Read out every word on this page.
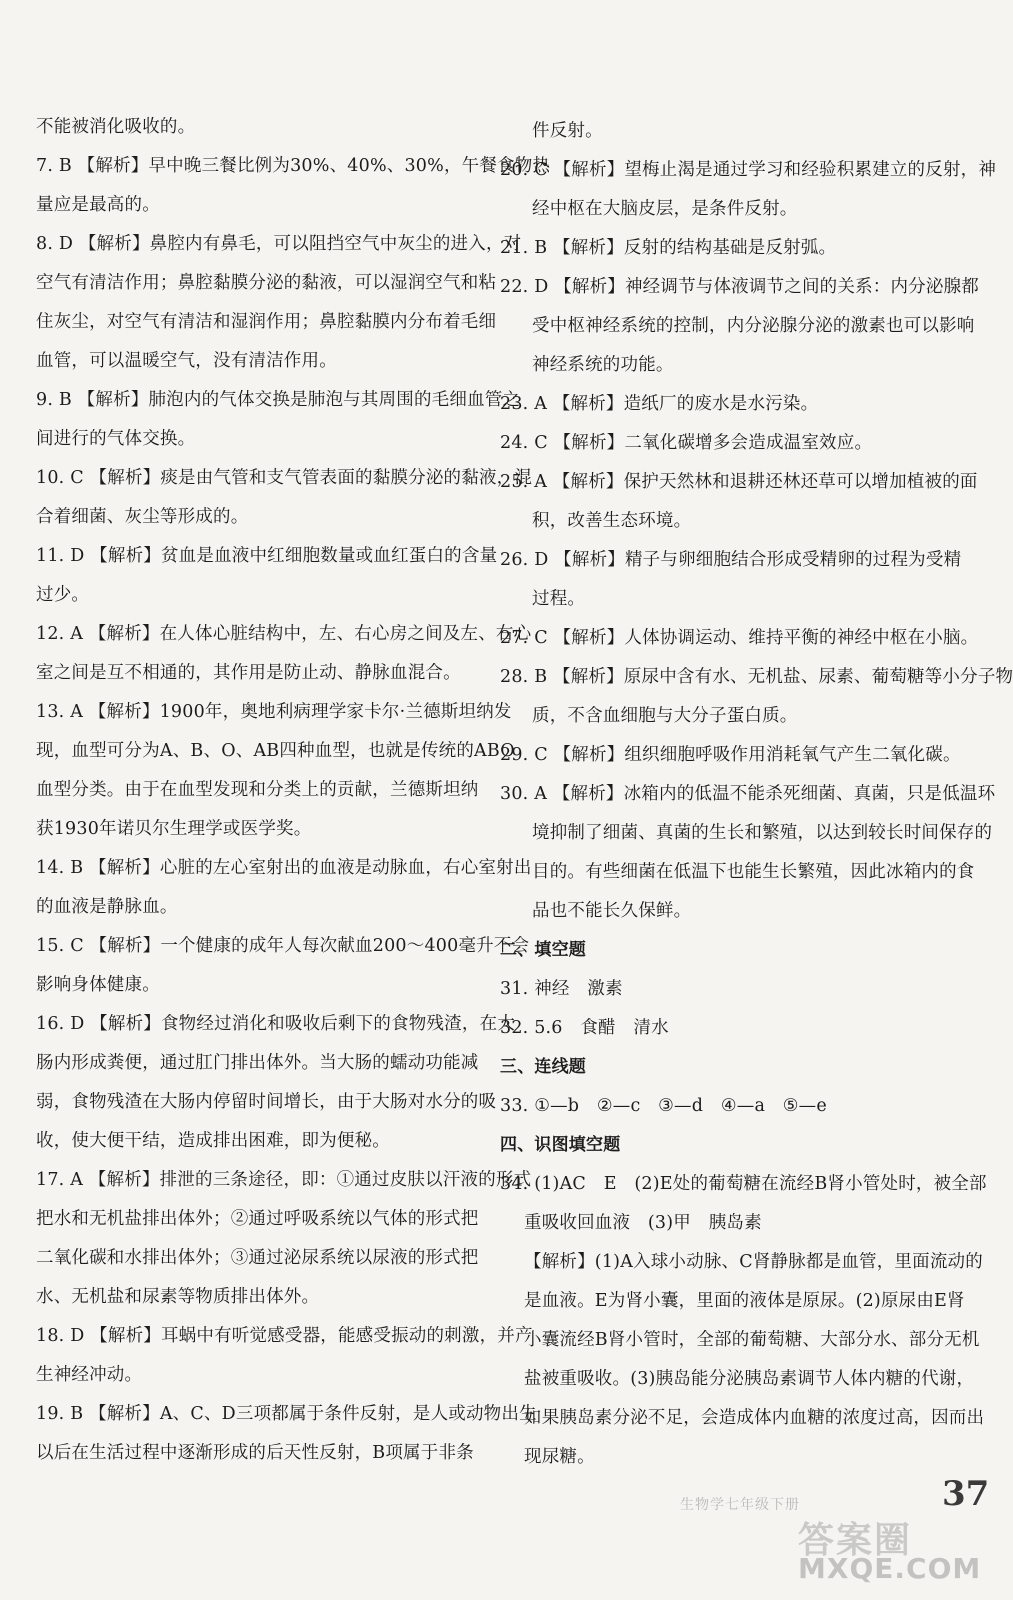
不能被消化吸收的。
7. B 【解析】早中晚三餐比例为30%、40%、30%，午餐食物热
量应是最高的。
8. D 【解析】鼻腔内有鼻毛，可以阻挡空气中灰尘的进入，对
空气有清洁作用；鼻腔黏膜分泌的黏液，可以湿润空气和粘
住灰尘，对空气有清洁和湿润作用；鼻腔黏膜内分布着毛细
血管，可以温暖空气，没有清洁作用。
9. B 【解析】肺泡内的气体交换是肺泡与其周围的毛细血管之
间进行的气体交换。
10. C 【解析】痰是由气管和支气管表面的黏膜分泌的黏液，混
合着细菌、灰尘等形成的。
11. D 【解析】贫血是血液中红细胞数量或血红蛋白的含量
过少。
12. A 【解析】在人体心脏结构中，左、右心房之间及左、右心
室之间是互不相通的，其作用是防止动、静脉血混合。
13. A 【解析】1900年，奥地利病理学家卡尔·兰德斯坦纳发
现，血型可分为A、B、O、AB四种血型，也就是传统的ABO
血型分类。由于在血型发现和分类上的贡献，兰德斯坦纳
获1930年诺贝尔生理学或医学奖。
14. B 【解析】心脏的左心室射出的血液是动脉血，右心室射出
的血液是静脉血。
15. C 【解析】一个健康的成年人每次献血200～400毫升不会
影响身体健康。
16. D 【解析】食物经过消化和吸收后剩下的食物残渣，在大
肠内形成粪便，通过肛门排出体外。当大肠的蠕动功能减
弱，食物残渣在大肠内停留时间增长，由于大肠对水分的吸
收，使大便干结，造成排出困难，即为便秘。
17. A 【解析】排泄的三条途径，即：①通过皮肤以汗液的形式
把水和无机盐排出体外；②通过呼吸系统以气体的形式把
二氧化碳和水排出体外；③通过泌尿系统以尿液的形式把
水、无机盐和尿素等物质排出体外。
18. D 【解析】耳蜗中有听觉感受器，能感受振动的刺激，并产
生神经冲动。
19. B 【解析】A、C、D三项都属于条件反射，是人或动物出生
以后在生活过程中逐渐形成的后天性反射，B项属于非条
件反射。
20. C 【解析】望梅止渴是通过学习和经验积累建立的反射，神
经中枢在大脑皮层，是条件反射。
21. B 【解析】反射的结构基础是反射弧。
22. D 【解析】神经调节与体液调节之间的关系：内分泌腺都
受中枢神经系统的控制，内分泌腺分泌的激素也可以影响
神经系统的功能。
23. A 【解析】造纸厂的废水是水污染。
24. C 【解析】二氧化碳增多会造成温室效应。
25. A 【解析】保护天然林和退耕还林还草可以增加植被的面
积，改善生态环境。
26. D 【解析】精子与卵细胞结合形成受精卵的过程为受精
过程。
27. C 【解析】人体协调运动、维持平衡的神经中枢在小脑。
28. B 【解析】原尿中含有水、无机盐、尿素、葡萄糖等小分子物
质，不含血细胞与大分子蛋白质。
29. C 【解析】组织细胞呼吸作用消耗氧气产生二氧化碳。
30. A 【解析】冰箱内的低温不能杀死细菌、真菌，只是低温环
境抑制了细菌、真菌的生长和繁殖，以达到较长时间保存的
目的。有些细菌在低温下也能生长繁殖，因此冰箱内的食
品也不能长久保鲜。
二、填空题
31. 神经　激素
32. 5.6　食醋　清水
三、连线题
33. ①—b　②—c　③—d　④—a　⑤—e
四、识图填空题
34. (1)AC　E　(2)E处的葡萄糖在流经B肾小管处时，被全部
重吸收回血液　(3)甲　胰岛素
【解析】(1)A入球小动脉、C肾静脉都是血管，里面流动的
是血液。E为肾小囊，里面的液体是原尿。(2)原尿由E肾
小囊流经B肾小管时，全部的葡萄糖、大部分水、部分无机
盐被重吸收。(3)胰岛能分泌胰岛素调节人体内糖的代谢，
如果胰岛素分泌不足，会造成体内血糖的浓度过高，因而出
现尿糖。
生物学七年级下册	37
答案圈
MXQE.COM
